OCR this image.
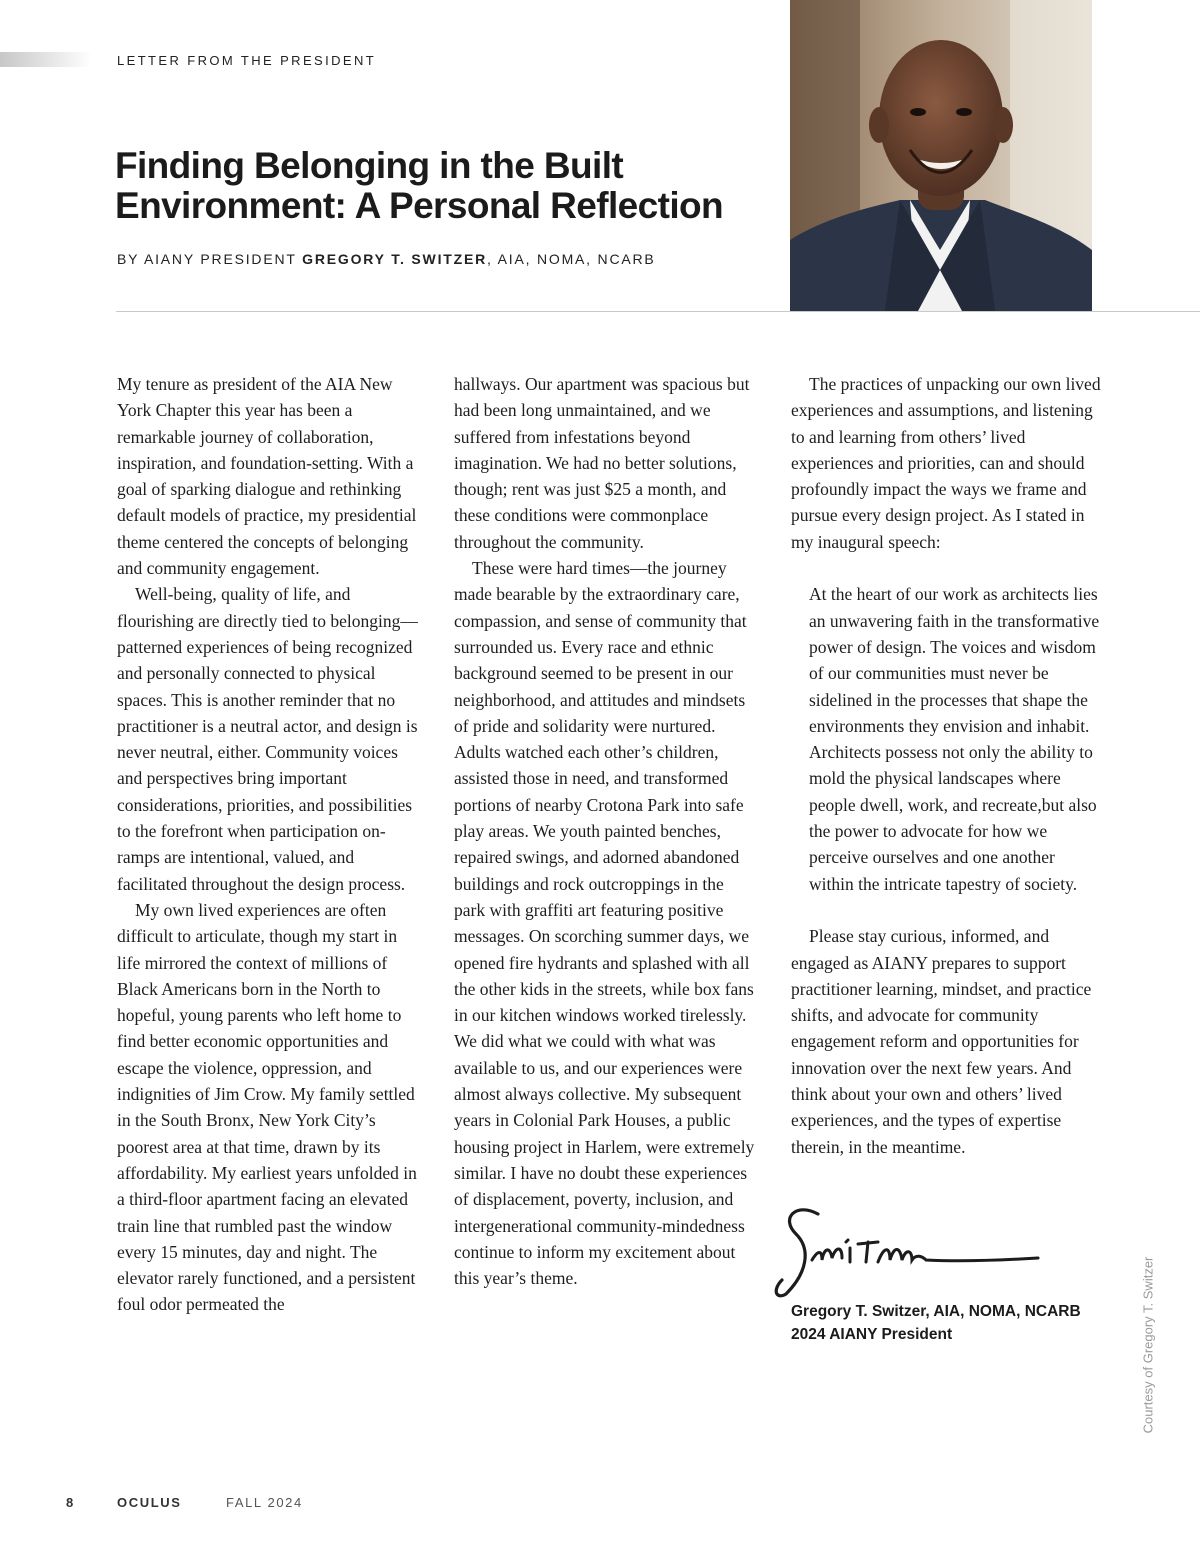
LETTER FROM THE PRESIDENT
Finding Belonging in the Built
Environment: A Personal Reflection
BY AIANY PRESIDENT GREGORY T. SWITZER, AIA, NOMA, NCARB

My tenure as president of the AIA New York Chapter this year has been a remarkable journey of collaboration, inspiration, and foundation-setting. With a goal of sparking dialogue and rethinking default models of practice, my presidential theme centered the concepts of belonging and community engagement.

Well-being, quality of life, and flourishing are directly tied to belonging—patterned experiences of being recognized and personally connected to physical spaces. This is another reminder that no practitioner is a neutral actor, and design is never neutral, either. Community voices and perspectives bring important considerations, priorities, and possibilities to the forefront when participation on-ramps are intentional, valued, and facilitated throughout the design process.

My own lived experiences are often difficult to articulate, though my start in life mirrored the context of millions of Black Americans born in the North to hopeful, young parents who left home to find better economic opportunities and escape the violence, oppression, and indignities of Jim Crow. My family settled in the South Bronx, New York City’s poorest area at that time, drawn by its affordability. My earliest years unfolded in a third-floor apartment facing an elevated train line that rumbled past the window every 15 minutes, day and night. The elevator rarely functioned, and a persistent foul odor permeated the

hallways. Our apartment was spacious but had been long unmaintained, and we suffered from infestations beyond imagination. We had no better solutions, though; rent was just $25 a month, and these conditions were commonplace throughout the community.

These were hard times—the journey made bearable by the extraordinary care, compassion, and sense of community that surrounded us. Every race and ethnic background seemed to be present in our neighborhood, and attitudes and mindsets of pride and solidarity were nurtured. Adults watched each other’s children, assisted those in need, and transformed portions of nearby Crotona Park into safe play areas. We youth painted benches, repaired swings, and adorned abandoned buildings and rock outcroppings in the park with graffiti art featuring positive messages. On scorching summer days, we opened fire hydrants and splashed with all the other kids in the streets, while box fans in our kitchen windows worked tirelessly. We did what we could with what was available to us, and our experiences were almost always collective. My subsequent years in Colonial Park Houses, a public housing project in Harlem, were extremely similar. I have no doubt these experiences of displacement, poverty, inclusion, and intergenerational community-mindedness continue to inform my excitement about this year’s theme.

The practices of unpacking our own lived experiences and assumptions, and listening to and learning from others’ lived experiences and priorities, can and should profoundly impact the ways we frame and pursue every design project. As I stated in my inaugural speech:

At the heart of our work as architects lies an unwavering faith in the transformative power of design. The voices and wisdom of our communities must never be sidelined in the processes that shape the environments they envision and inhabit. Architects possess not only the ability to mold the physical landscapes where people dwell, work, and recreate,but also the power to advocate for how we perceive ourselves and one another within the intricate tapestry of society.

Please stay curious, informed, and engaged as AIANY prepares to support practitioner learning, mindset, and practice shifts, and advocate for community engagement reform and opportunities for innovation over the next few years. And think about your own and others’ lived experiences, and the types of expertise therein, in the meantime.

Gregory T. Switzer, AIA, NOMA, NCARB
2024 AIANY President	Courtesy of Gregory T. Switzer
8	OCULUS	FALL 2024
